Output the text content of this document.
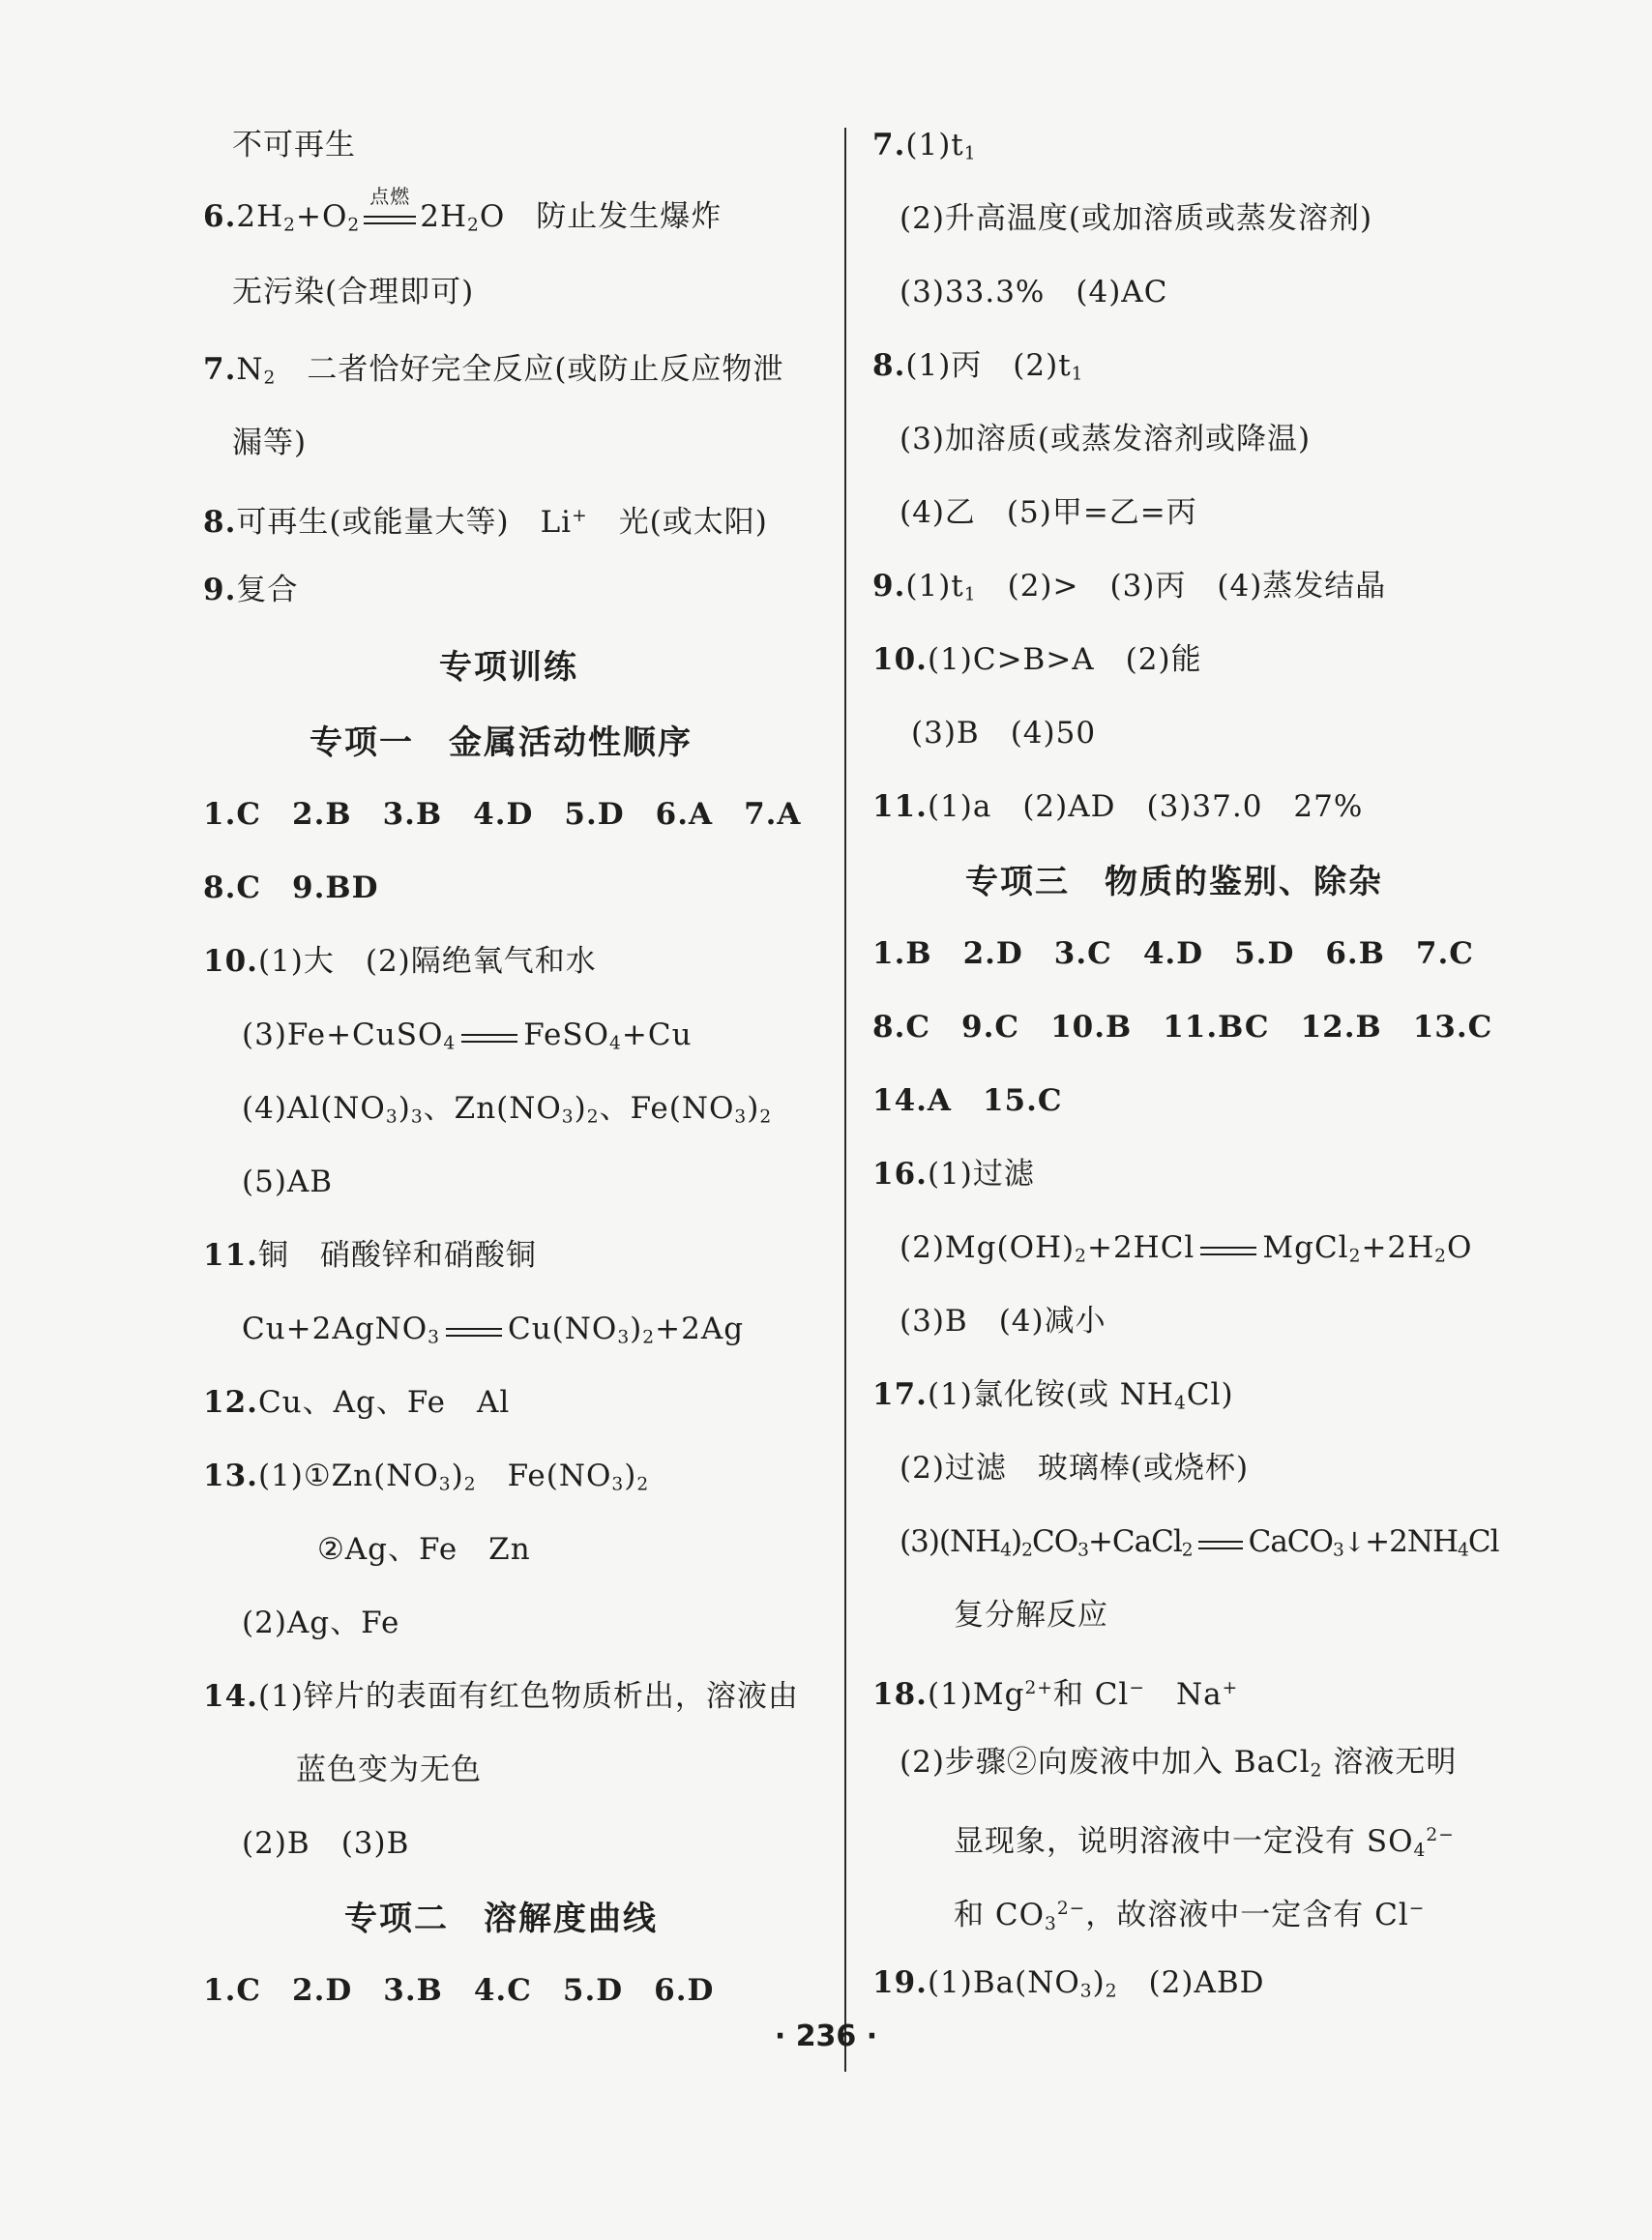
不可再生
$6.2H_2+O_2$
点燃
$2H_2O$　防止发生爆炸
无污染(合理即可)
$7.N_2$　 二者恰好完全反应(或防止反应物泄
漏等)
8.可再生(或能量大等)　Li+　 光(或太阳)
9.复合
专项训练
专项一　金属活动性顺序
1.C　2.B　3.B　4.D　5.D　6.A　7.A
8.C　9.BD
10.(1)大　(2)隔绝氧气和水
(3)Fe+CuSO$_4$ FeSO$_4$+Cu
$(4)Al(NO_3)_3$、$Zn(NO_3)_2$、$Fe(NO_3)_2$
(5)AB
11.铜　硝酸锌和硝酸铜
Cu+2AgNO$_3$ $Cu(NO_3)_2+2Ag$
12.Cu、Ag、Fe　Al
$13.(1)①Zn(NO_3)_2$　$Fe(NO_3)_2$
②Ag、Fe　Zn
(2)Ag、Fe
14.(1)锌片的表面有红色物质析出，溶液由
蓝色变为无色
(2)B　(3)B
专项二　溶解度曲线
1.C　2.D　3.B　4.C　5.D　6.D
$7.(1)t_1$
(2)升高温度(或加溶质或蒸发溶剂)
(3)33.3%　(4)AC
8.(1)丙　$(2)t_1$
(3)加溶质(或蒸发溶剂或降温)
(4)乙　(5)甲=乙=丙
$9.(1)t_1$　 (2)>　(3)丙　(4)蒸发结晶
10.(1)C>B>A　(2)能
(3)B　(4)50
11.(1)a　(2)AD　(3)37.0　27%
专项三　物质的鉴别、除杂
1.B　2.D　3.C　4.D　5.D　6.B　7.C
8.C　9.C　10.B　11.BC　12.B　13.C
14.A　15.C
16.(1)过滤
$(2)Mg(OH)_2+2HCl$ $MgCl_2+2H_2O$
(3)B　(4)减小
17.(1)氯化铵(或 $NH_4Cl$)
(2)过滤　玻璃棒(或烧杯)
$(3)(NH_4)_2CO_3+CaCl_2$ $CaCO_3↓+2NH_4Cl$
复分解反应
$18.(1)Mg^{2+}$和 Cl−　Na+
(2)步骤②向废液中加入 BaCl$_2$ 溶液无明
显现象，说明溶液中一定没有 $SO_4^{2-}$
和 $CO_3^{2-}$，故溶液中一定含有 Cl−
$19.(1)Ba(NO_3)_2$　 (2)ABD
· 236 ·
